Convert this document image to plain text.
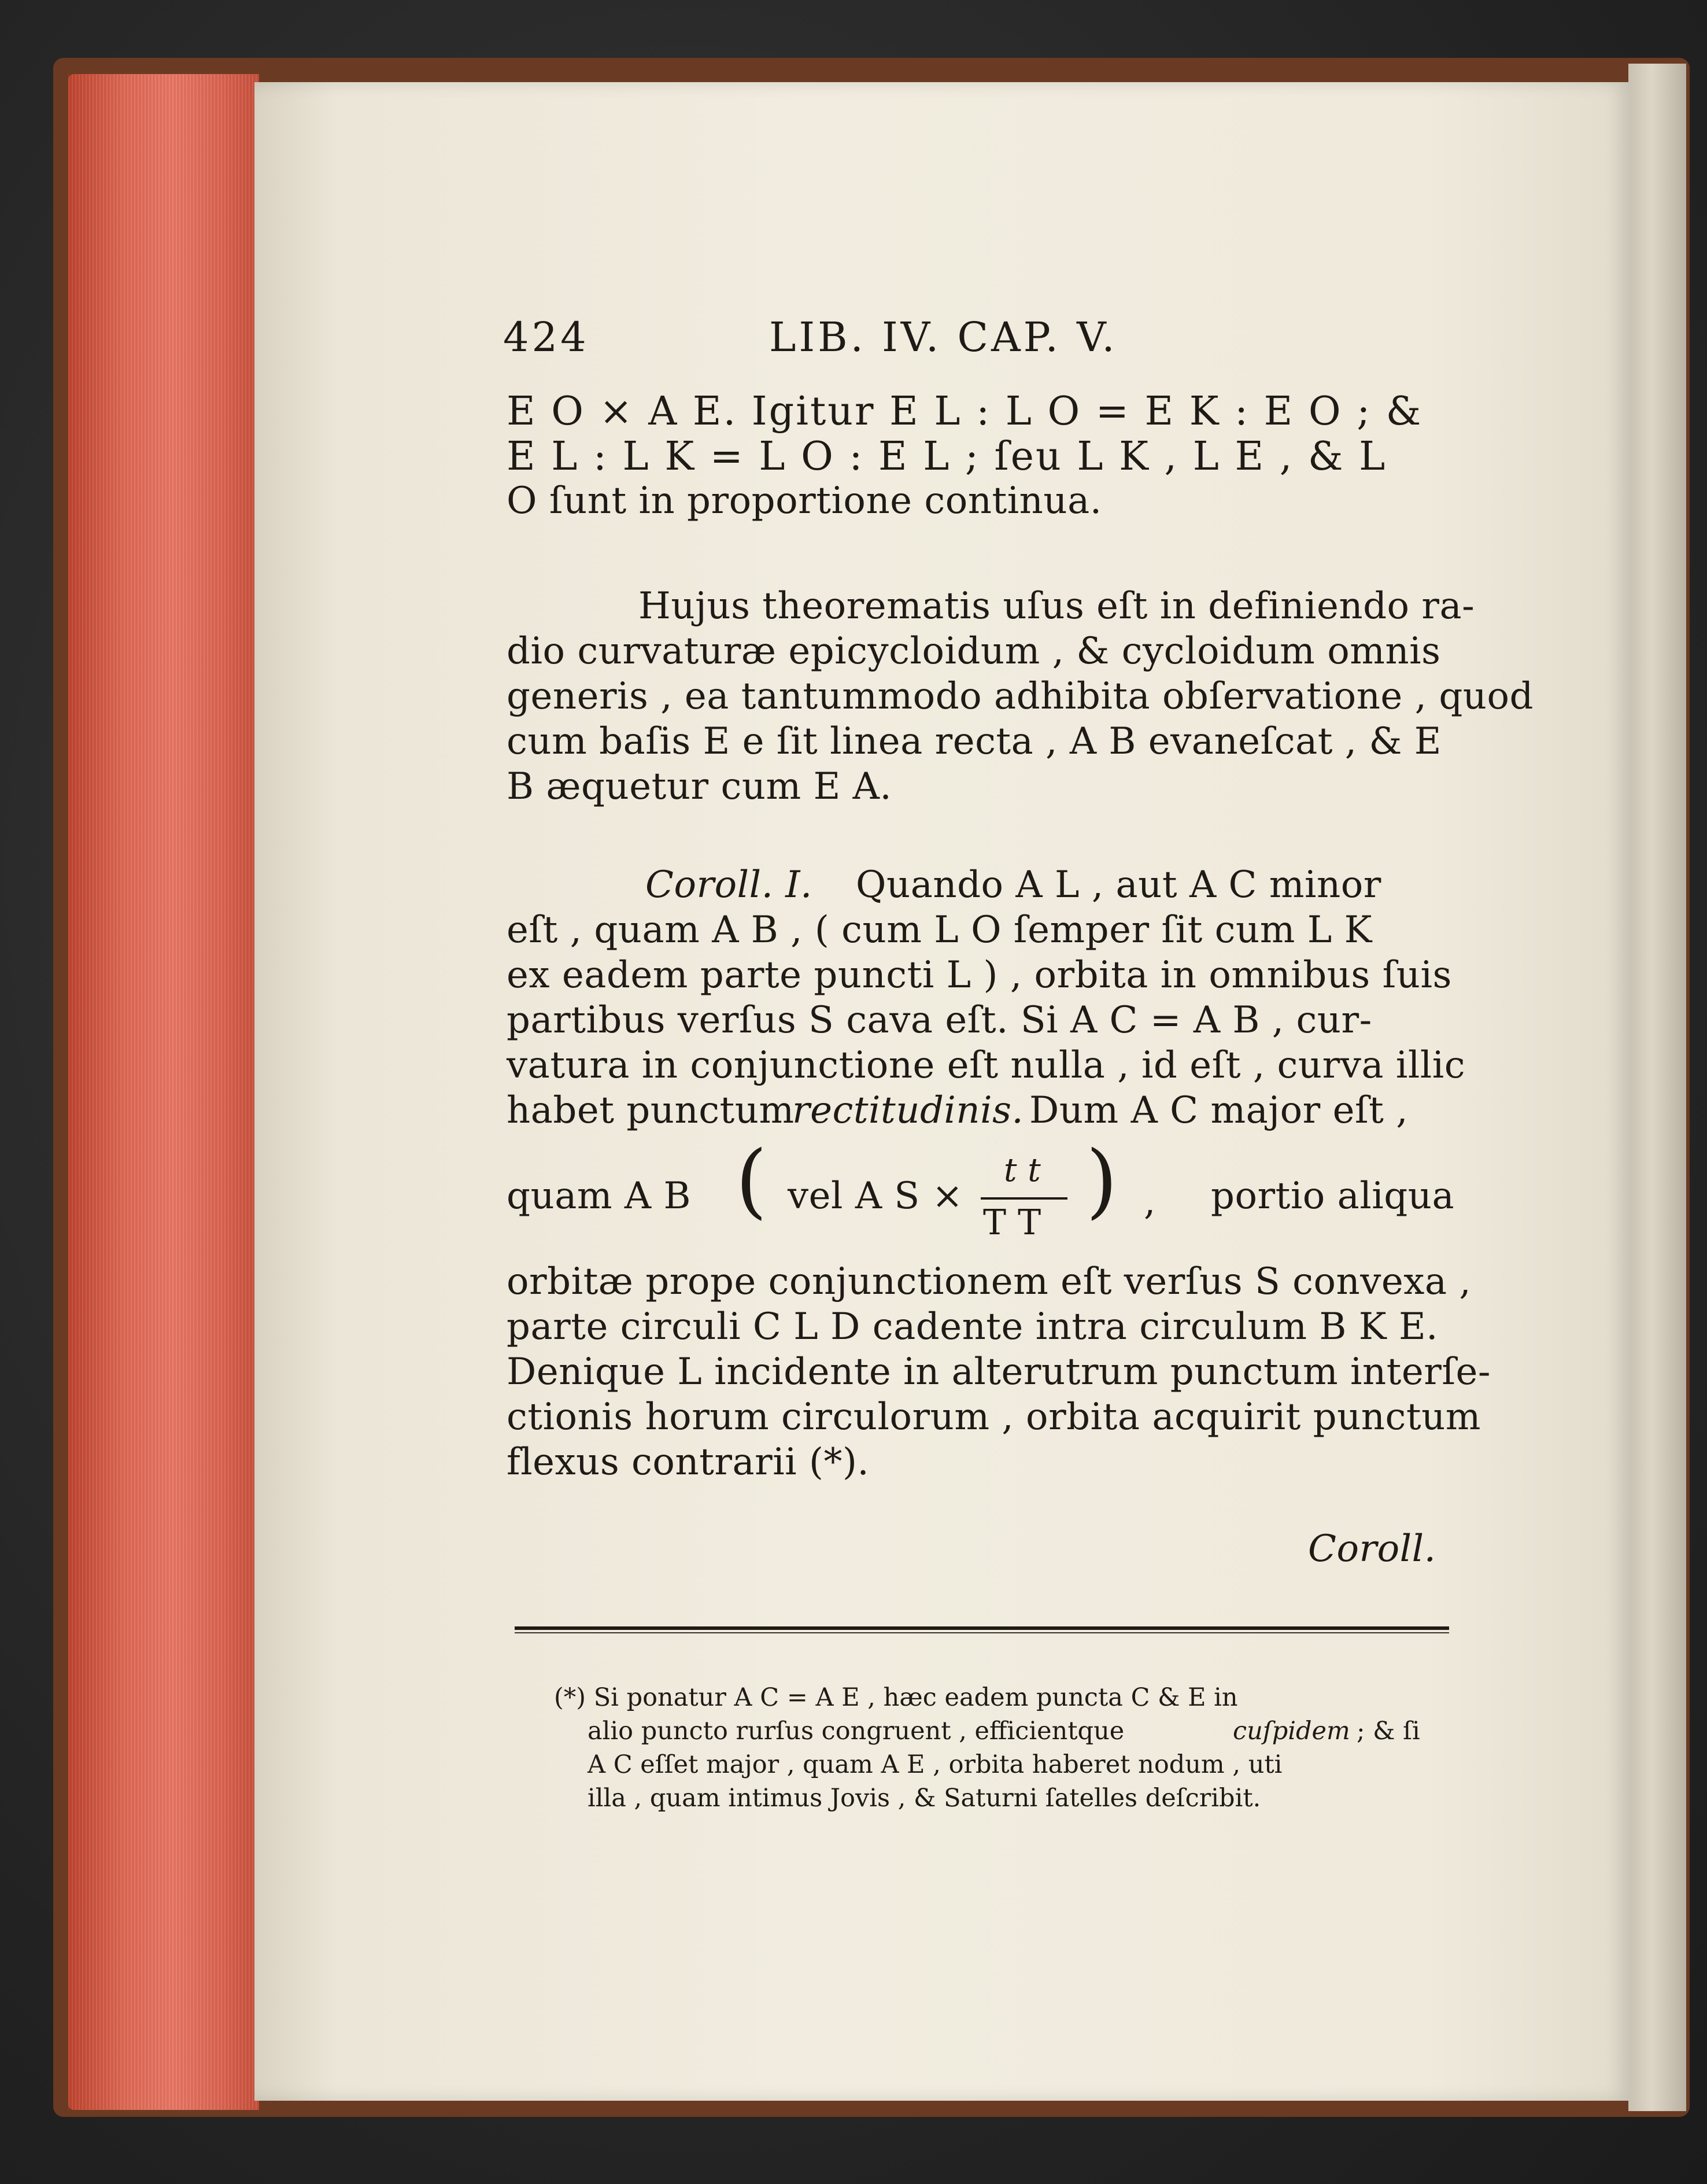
424	LIB. IV. CAP. V.
E O × A E. Igitur E L : L O = E K : E O ; &
E L : L K = L O : E L ; ſeu L K , L E , & L
O ſunt in proportione continua.
Hujus theorematis uſus eſt in definiendo ra-
dio curvaturæ epicycloidum , & cycloidum omnis
generis , ea tantummodo adhibita obſervatione , quod
cum baſis E e ſit linea recta , A B evaneſcat , & E
B æquetur cum E A.
Coroll. I. Quando A L , aut A C minor
eſt , quam A B , ( cum L O ſemper ſit cum L K
ex eadem parte puncti L ) , orbita in omnibus ſuis
partibus verſus S cava eſt. Si A C = A B , cur-
vatura in conjunctione eſt nulla , id eſt , curva illic
habet punctum
rectitudinis. Dum A C major eſt ,
quam A B ( vel A S ×
t t
T T ) , portio aliqua
orbitæ prope conjunctionem eſt verſus S convexa ,
parte circuli C L D cadente intra circulum B K E.
Denique L incidente in alterutrum punctum interſe-
ctionis horum circulorum , orbita acquirit punctum
flexus contrarii (*).
Coroll.
(*) Si ponatur A C = A E , hæc eadem puncta C & E in
alio puncto rurſus congruent , efficientque	cuſpidem ; & ſi
A C eſſet major , quam A E , orbita haberet nodum , uti
illa , quam intimus Jovis , & Saturni ſatelles deſcribit.
